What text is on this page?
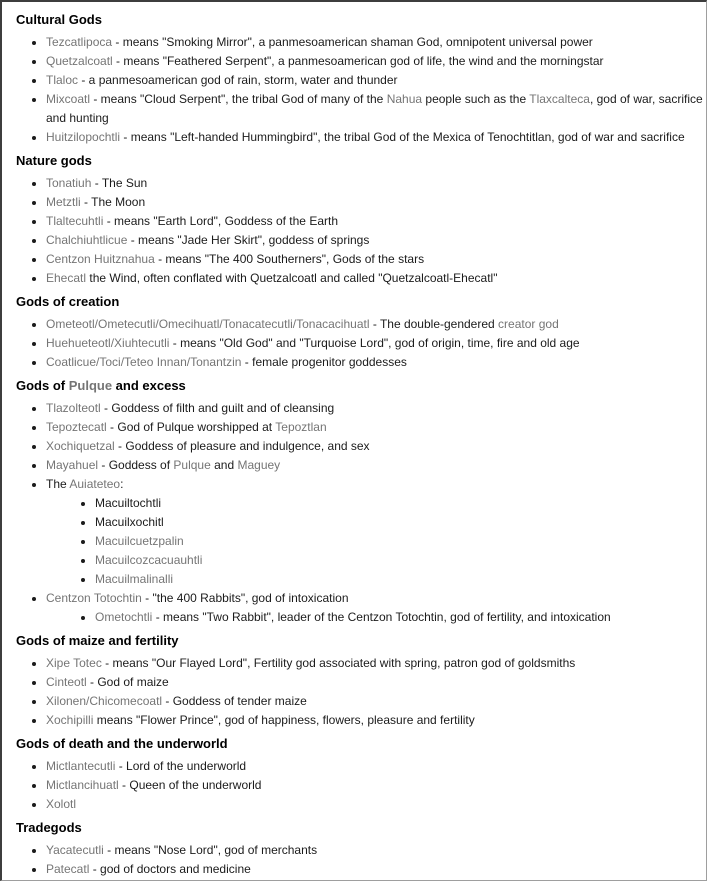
Cultural Gods
• Tezcatlipoca - means "Smoking Mirror", a panmesoamerican shaman God, omnipotent universal power
• Quetzalcoatl - means "Feathered Serpent", a panmesoamerican god of life, the wind and the morningstar
• Tlaloc - a panmesoamerican god of rain, storm, water and thunder
• Mixcoatl - means "Cloud Serpent", the tribal God of many of the Nahua people such as the Tlaxcalteca, god of war, sacrifice and hunting
• Huitzilopochtli - means "Left-handed Hummingbird", the tribal God of the Mexica of Tenochtitlan, god of war and sacrifice
Nature gods
• Tonatiuh - The Sun
• Metztli - The Moon
• Tlaltecuhtli - means "Earth Lord", Goddess of the Earth
• Chalchiuhtlicue - means "Jade Her Skirt", goddess of springs
• Centzon Huitznahua - means "The 400 Southerners", Gods of the stars
• Ehecatl the Wind, often conflated with Quetzalcoatl and called "Quetzalcoatl-Ehecatl"
Gods of creation
• Ometeotl/Ometecutli/Omecihuatl/Tonacatecutli/Tonacacihuatl - The double-gendered creator god
• Huehueteotl/Xiuhtecutli - means "Old God" and "Turquoise Lord", god of origin, time, fire and old age
• Coatlicue/Toci/Teteo Innan/Tonantzin - female progenitor goddesses
Gods of Pulque and excess
• Tlazolteotl - Goddess of filth and guilt and of cleansing
• Tepoztecatl - God of Pulque worshipped at Tepoztlan
• Xochiquetzal - Goddess of pleasure and indulgence, and sex
• Mayahuel - Goddess of Pulque and Maguey
• The Auiateteo:
• Macuiltochtli
• Macuilxochitl
• Macuilcuetzpalin
• Macuilcozcacuauhtli
• Macuilmalinalli
• Centzon Totochtin - "the 400 Rabbits", god of intoxication
• Ometochtli - means "Two Rabbit", leader of the Centzon Totochtin, god of fertility, and intoxication
Gods of maize and fertility
• Xipe Totec - means "Our Flayed Lord", Fertility god associated with spring, patron god of goldsmiths
• Cinteotl - God of maize
• Xilonen/Chicomecoatl - Goddess of tender maize
• Xochipilli means "Flower Prince", god of happiness, flowers, pleasure and fertility
Gods of death and the underworld
• Mictlantecutli - Lord of the underworld
• Mictlancihuatl - Queen of the underworld
• Xolotl
Tradegods
• Yacatecutli - means "Nose Lord", god of merchants
• Patecatl - god of doctors and medicine
